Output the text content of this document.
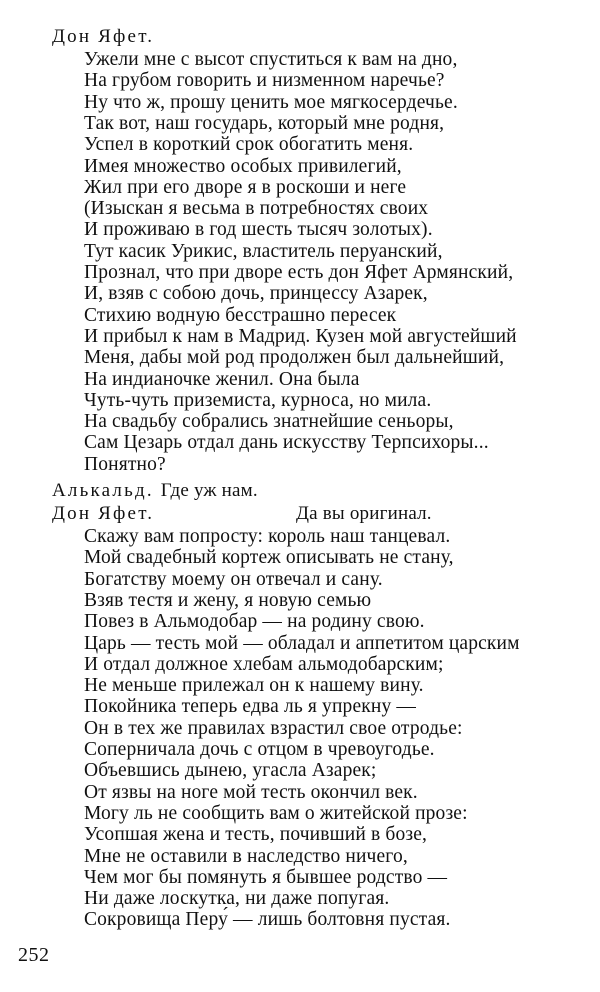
Дон Яфет.
Ужели мне с высот спуститься к вам на дно,
На грубом говорить и низменном наречье?
Ну что ж, прошу ценить мое мягкосердечье.
Так вот, наш государь, который мне родня,
Успел в короткий срок обогатить меня.
Имея множество особых привилегий,
Жил при его дворе я в роскоши и неге
(Изыскан я весьма в потребностях своих
И проживаю в год шесть тысяч золотых).
Тут касик Урикис, властитель перуанский,
Прознал, что при дворе есть дон Яфет Армянский,
И, взяв с собою дочь, принцессу Азарек,
Стихию водную бесстрашно пересек
И прибыл к нам в Мадрид. Кузен мой августейший
Меня, дабы мой род продолжен был дальнейший,
На индианочке женил. Она была
Чуть-чуть приземиста, курноса, но мила.
На свадьбу собрались знатнейшие сеньоры,
Сам Цезарь отдал дань искусству Терпсихоры...
Понятно?
Алькальд. Где уж нам.
Дон Яфет.	Да вы оригинал.
Скажу вам попросту: король наш танцевал.
Мой свадебный кортеж описывать не стану,
Богатству моему он отвечал и сану.
Взяв тестя и жену, я новую семью
Повез в Альмодобар — на родину свою.
Царь — тесть мой — обладал и аппетитом царским
И отдал должное хлебам альмодобарским;
Не меньше прилежал он к нашему вину.
Покойника теперь едва ль я упрекну —
Он в тех же правилах взрастил свое отродье:
Соперничала дочь с отцом в чревоугодье.
Объевшись дынею, угасла Азарек;
От язвы на ноге мой тесть окончил век.
Могу ль не сообщить вам о житейской прозе:
Усопшая жена и тесть, почивший в бозе,
Мне не оставили в наследство ничего,
Чем мог бы помянуть я бывшее родство —
Ни даже лоскутка, ни даже попугая.
Сокровища Перу́ — лишь болтовня пустая.
252
